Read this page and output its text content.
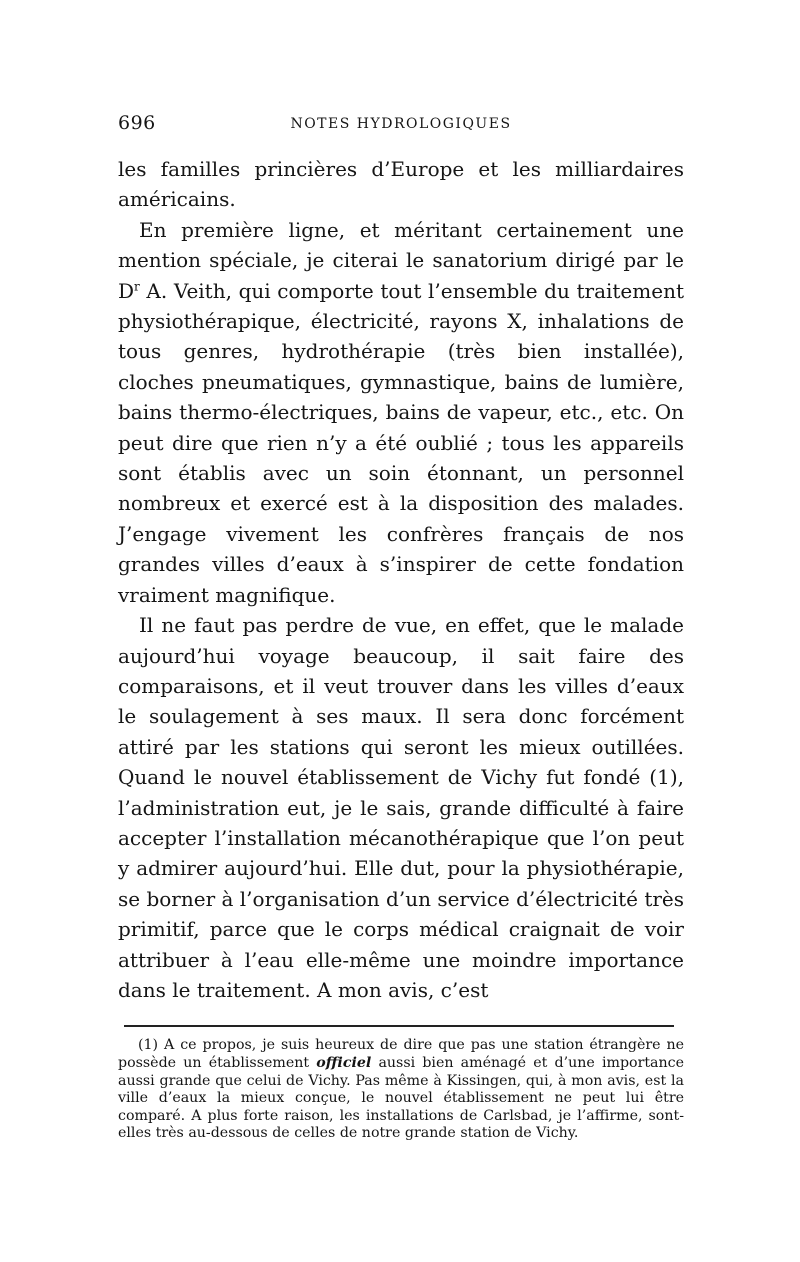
696	NOTES HYDROLOGIQUES

les familles princières d’Europe et les milliardaires américains.

En première ligne, et méritant certainement une mention spéciale, je citerai le sanatorium dirigé par le $D^r$ A. Veith, qui comporte tout l’ensemble du traitement physiothérapique, électricité, rayons X, inhalations de tous genres, hydrothérapie (très bien installée), cloches pneumatiques, gymnastique, bains de lumière, bains thermo-électriques, bains de vapeur, etc., etc. On peut dire que rien n’y a été oublié ; tous les appareils sont établis avec un soin étonnant, un personnel nombreux et exercé est à la disposition des malades. J’engage vivement les confrères français de nos grandes villes d’eaux à s’inspirer de cette fondation vraiment magnifique.

Il ne faut pas perdre de vue, en effet, que le malade aujourd’hui voyage beaucoup, il sait faire des comparaisons, et il veut trouver dans les villes d’eaux le soulagement à ses maux. Il sera donc forcément attiré par les stations qui seront les mieux outillées. Quand le nouvel établissement de Vichy fut fondé (1), l’administration eut, je le sais, grande difficulté à faire accepter l’installation mécanothérapique que l’on peut y admirer aujourd’hui. Elle dut, pour la physiothérapie, se borner à l’organisation d’un service d’électricité très primitif, parce que le corps médical craignait de voir attribuer à l’eau elle-même une moindre importance dans le traitement. A mon avis, c’est

(1) A ce propos, je suis heureux de dire que pas une station étrangère ne possède un établissement officiel aussi bien aménagé et d’une importance aussi grande que celui de Vichy. Pas même à Kissingen, qui, à mon avis, est la ville d’eaux la mieux conçue, le nouvel établissement ne peut lui être comparé. A plus forte raison, les installations de Carlsbad, je l’affirme, sont-elles très au-dessous de celles de notre grande station de Vichy.
